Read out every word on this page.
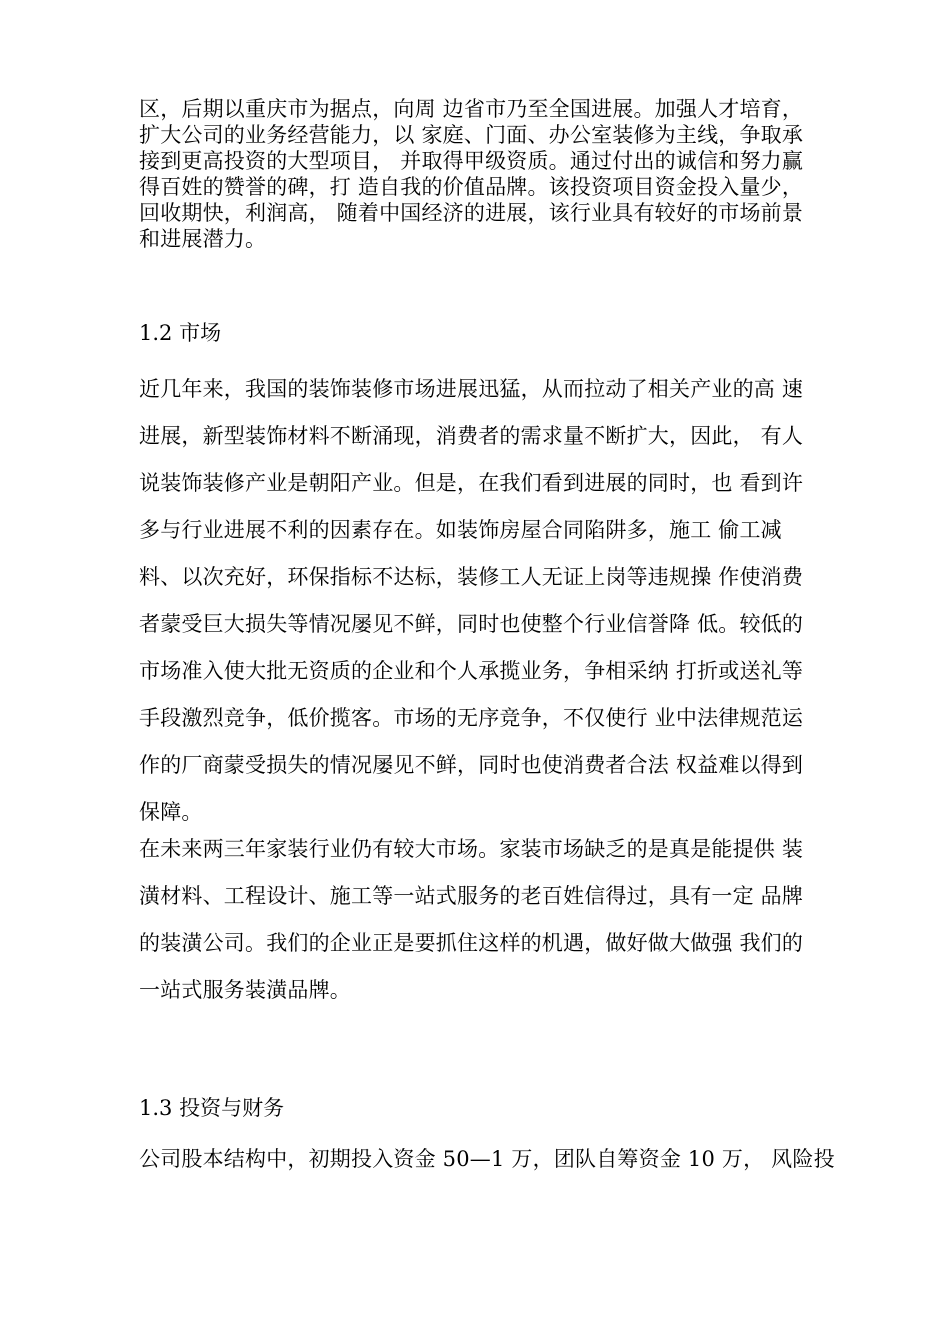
区，后期以重庆市为据点，向周 边省市乃至全国进展。加强人才培育，
扩大公司的业务经营能力，以 家庭、门面、办公室装修为主线，争取承
接到更高投资的大型项目， 并取得甲级资质。通过付出的诚信和努力赢
得百姓的赞誉的碑，打 造自我的价值品牌。该投资项目资金投入量少，
回收期快，利润高， 随着中国经济的进展，该行业具有较好的市场前景
和进展潜力。
1.2 市场
近几年来，我国的装饰装修市场进展迅猛，从而拉动了相关产业的高 速
进展，新型装饰材料不断涌现，消费者的需求量不断扩大，因此， 有人
说装饰装修产业是朝阳产业。但是，在我们看到进展的同时，也 看到许
多与行业进展不利的因素存在。如装饰房屋合同陷阱多，施工 偷工减
料、以次充好，环保指标不达标，装修工人无证上岗等违规操 作使消费
者蒙受巨大损失等情况屡见不鲜，同时也使整个行业信誉降 低。较低的
市场准入使大批无资质的企业和个人承揽业务，争相采纳 打折或送礼等
手段激烈竞争，低价揽客。市场的无序竞争，不仅使行 业中法律规范运
作的厂商蒙受损失的情况屡见不鲜，同时也使消费者合法 权益难以得到
保障。
在未来两三年家装行业仍有较大市场。家装市场缺乏的是真是能提供 装
潢材料、工程设计、施工等一站式服务的老百姓信得过，具有一定 品牌
的装潢公司。我们的企业正是要抓住这样的机遇，做好做大做强 我们的
一站式服务装潢品牌。
1.3 投资与财务
公司股本结构中，初期投入资金 50—1 万，团队自筹资金 10 万， 风险投
